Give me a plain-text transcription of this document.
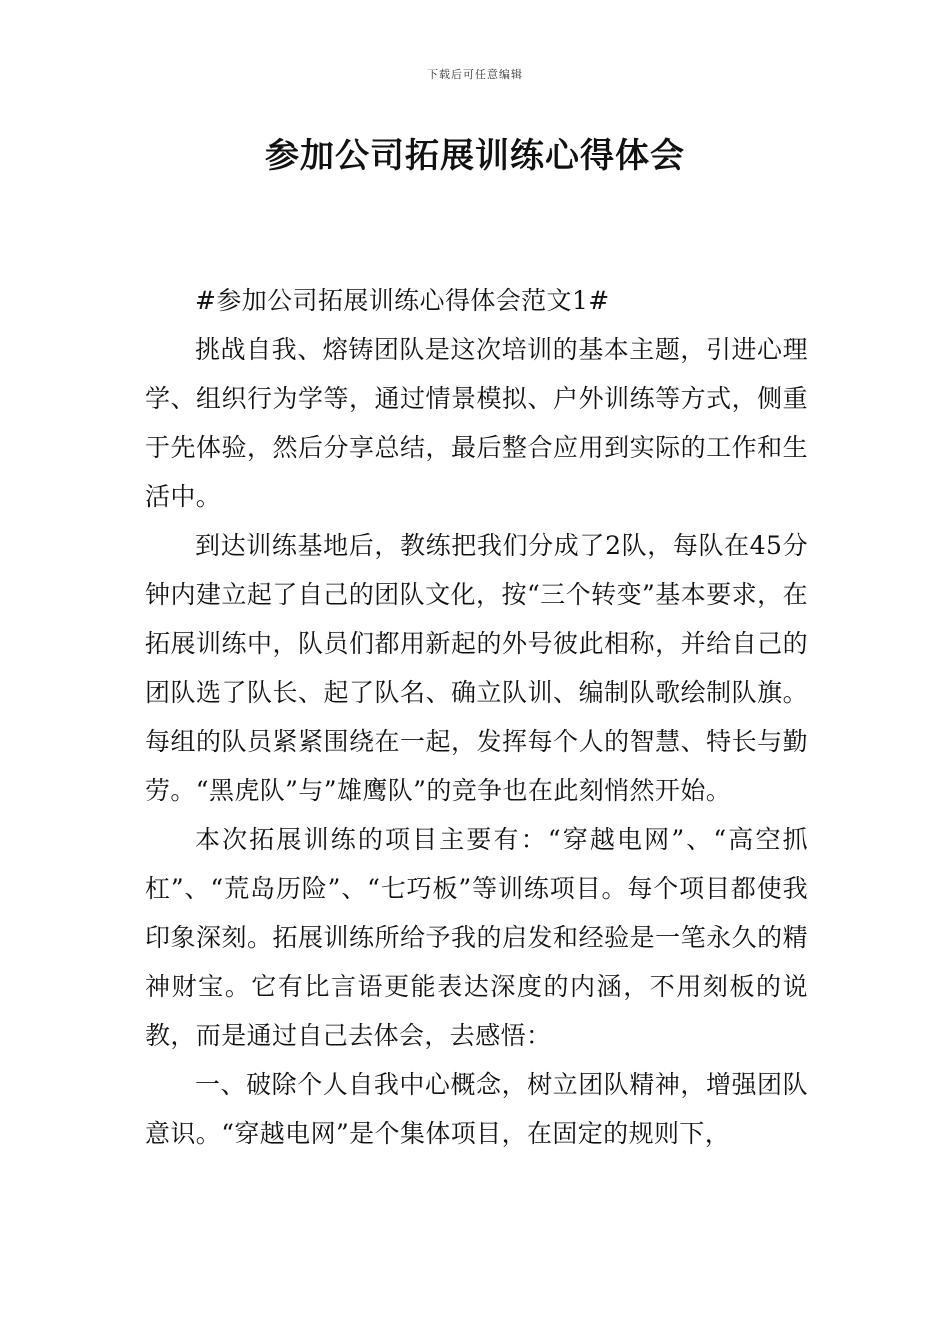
下载后可任意编辑
参加公司拓展训练心得体会

#参加公司拓展训练心得体会范文1#

挑战自我、熔铸团队是这次培训的基本主题，引进心理学、组织行为学等，通过情景模拟、户外训练等方式，侧重于先体验，然后分享总结，最后整合应用到实际的工作和生活中。

到达训练基地后，教练把我们分成了2队，每队在45分钟内建立起了自己的团队文化，按“三个转变”基本要求，在拓展训练中，队员们都用新起的外号彼此相称，并给自己的团队选了队长、起了队名、确立队训、编制队歌绘制队旗。每组的队员紧紧围绕在一起，发挥每个人的智慧、特长与勤劳。“黑虎队”与”雄鹰队”的竞争也在此刻悄然开始。

本次拓展训练的项目主要有：“穿越电网”、“高空抓杠”、“荒岛历险”、“七巧板”等训练项目。每个项目都使我印象深刻。拓展训练所给予我的启发和经验是一笔永久的精神财宝。它有比言语更能表达深度的内涵，不用刻板的说教，而是通过自己去体会，去感悟：

一、破除个人自我中心概念，树立团队精神，增强团队意识。“穿越电网”是个集体项目，在固定的规则下，
